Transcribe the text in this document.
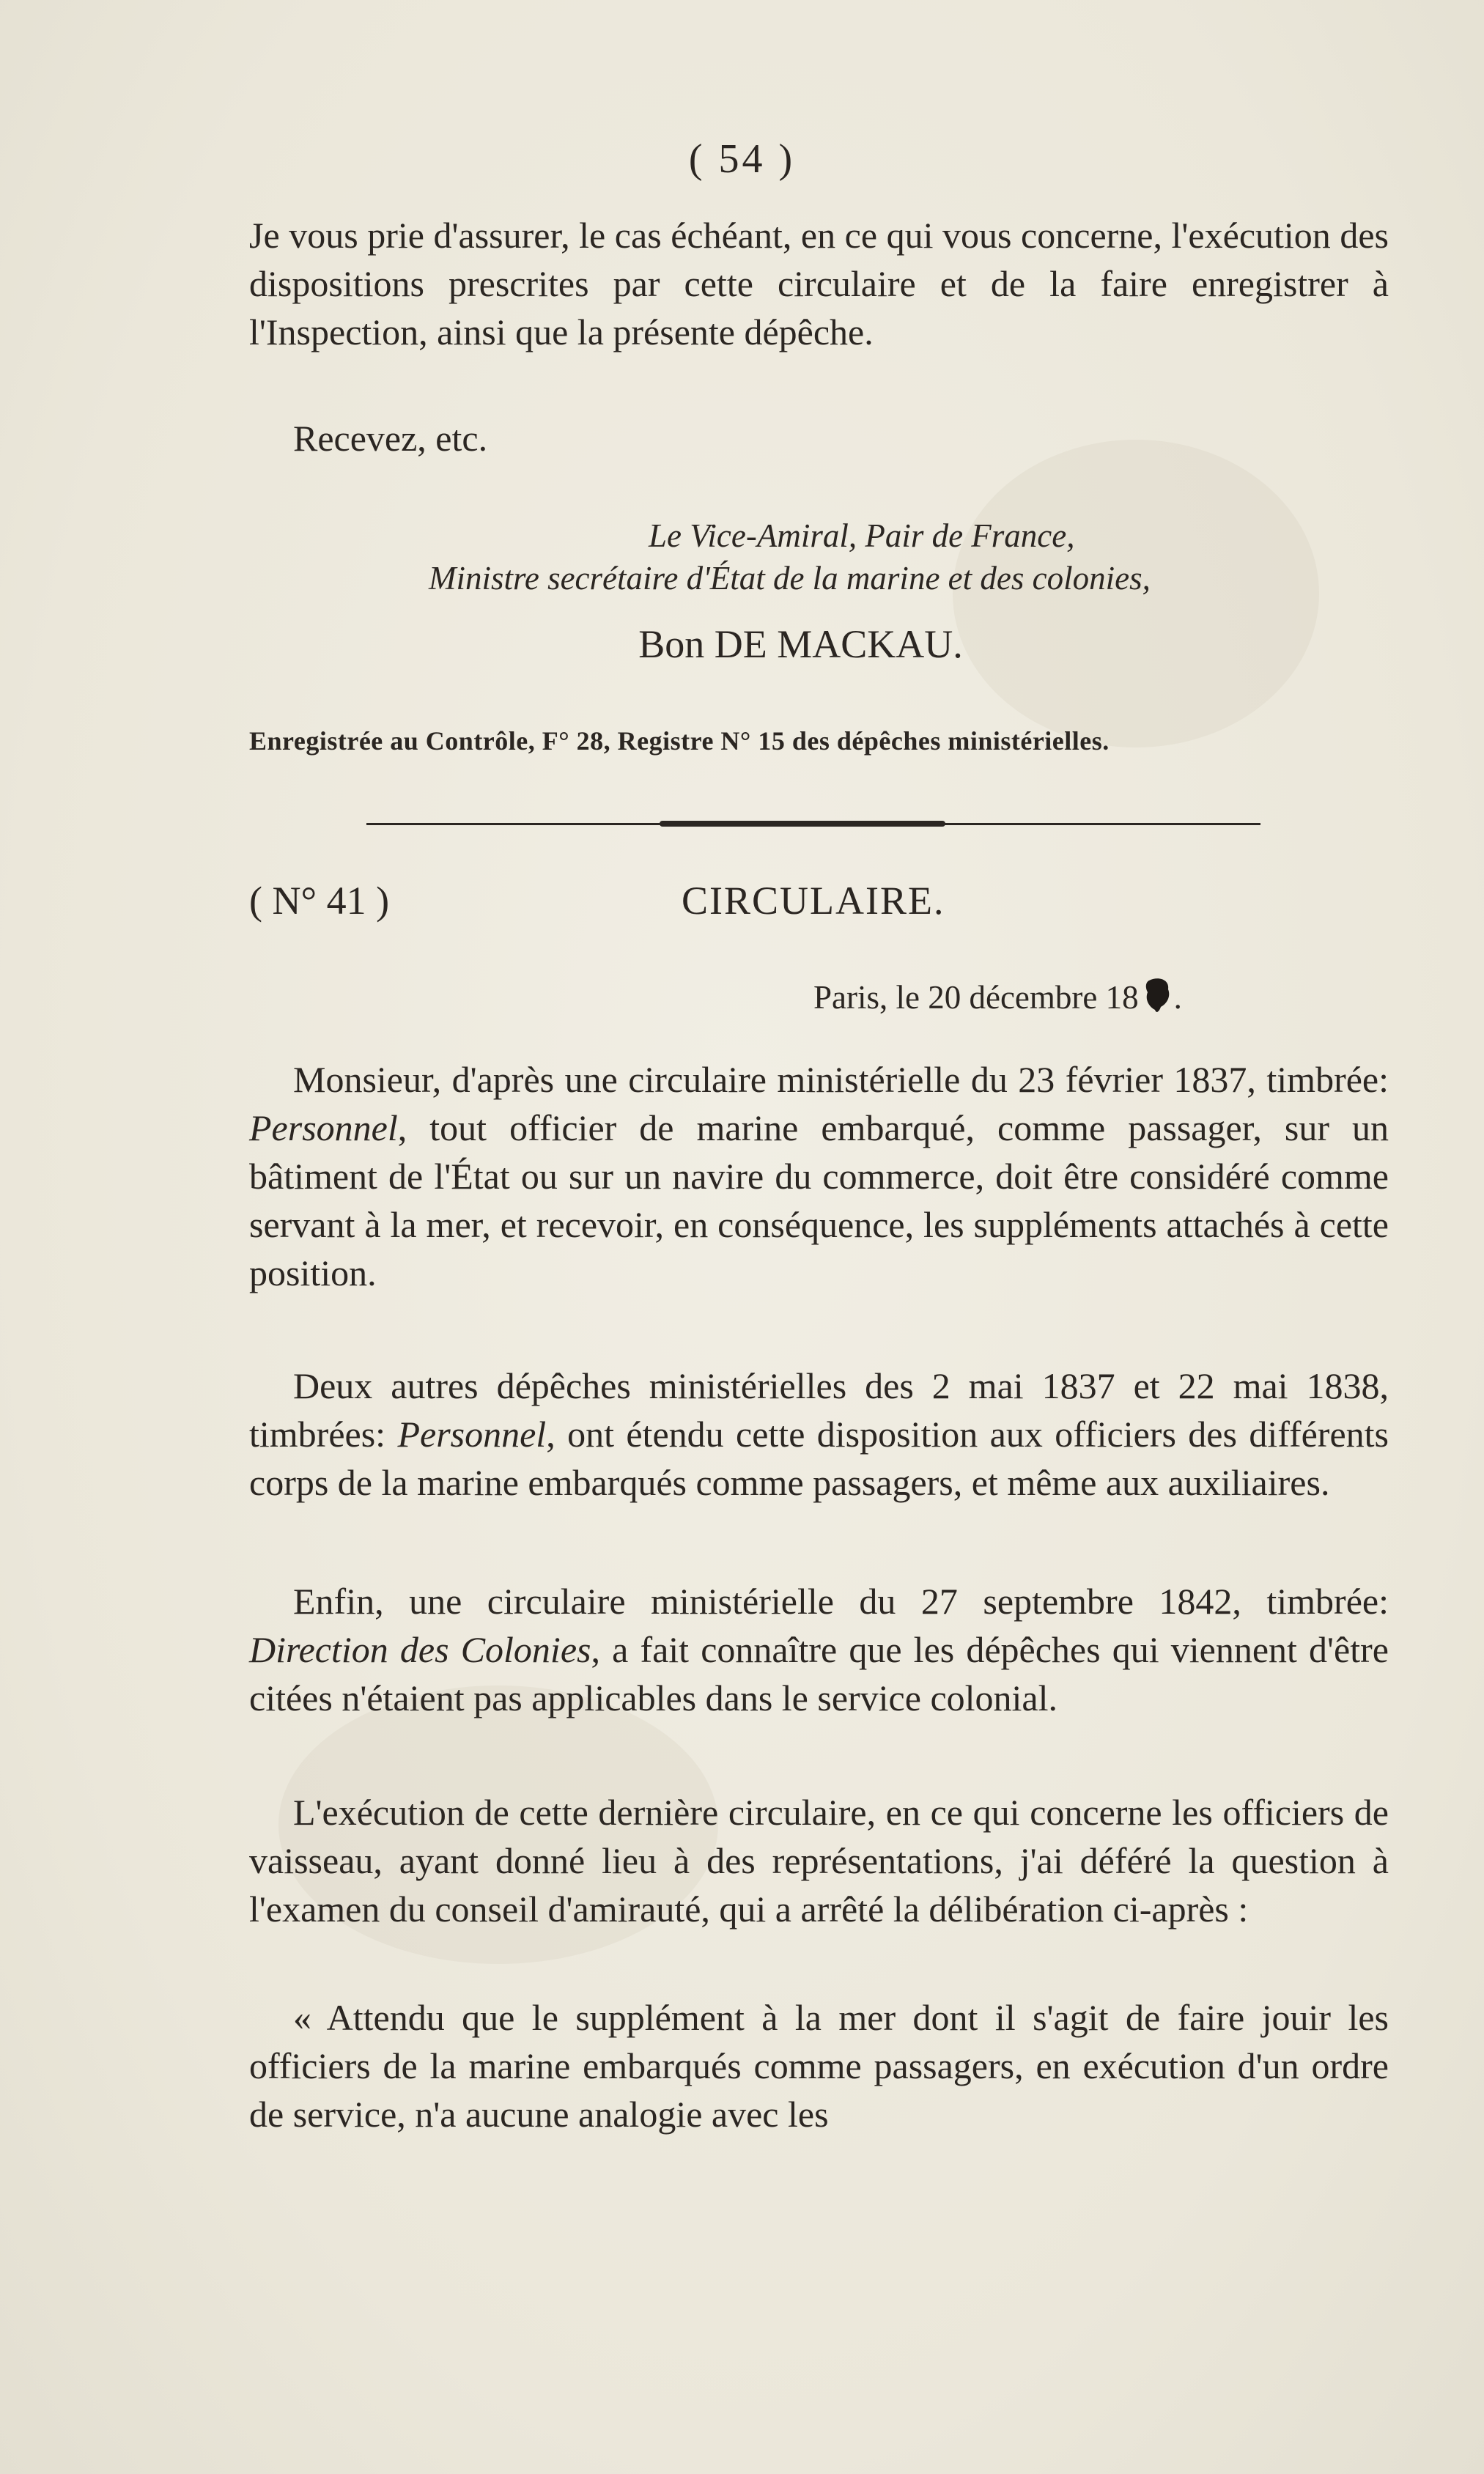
( 54 )

Je vous prie d'assurer, le cas échéant, en ce qui vous concerne, l'exécution des dispositions prescrites par cette circulaire et de la faire enregistrer à l'Inspection, ainsi que la présente dépêche.

Recevez, etc.

Le Vice-Amiral, Pair de France,
Ministre secrétaire d'État de la marine et des colonies,
Bon DE MACKAU.
Enregistrée au Contrôle, F° 28, Registre N° 15 des dépêches ministérielles.
( N° 41 )	CIRCULAIRE.
Paris, le 20 décembre 18 .

Monsieur, d'après une circulaire ministérielle du 23 février 1837, timbrée: Personnel, tout officier de marine embarqué, comme passager, sur un bâtiment de l'État ou sur un navire du commerce, doit être considéré comme servant à la mer, et recevoir, en conséquence, les suppléments attachés à cette position.

Deux autres dépêches ministérielles des 2 mai 1837 et 22 mai 1838, timbrées: Personnel, ont étendu cette disposition aux officiers des différents corps de la marine embarqués comme passagers, et même aux auxiliaires.

Enfin, une circulaire ministérielle du 27 septembre 1842, timbrée: Direction des Colonies, a fait connaître que les dépêches qui viennent d'être citées n'étaient pas applicables dans le service colonial.

L'exécution de cette dernière circulaire, en ce qui concerne les officiers de vaisseau, ayant donné lieu à des représentations, j'ai déféré la question à l'examen du conseil d'amirauté, qui a arrêté la délibération ci-après :

« Attendu que le supplément à la mer dont il s'agit de faire jouir les officiers de la marine embarqués comme passagers, en exécution d'un ordre de service, n'a aucune analogie avec les
